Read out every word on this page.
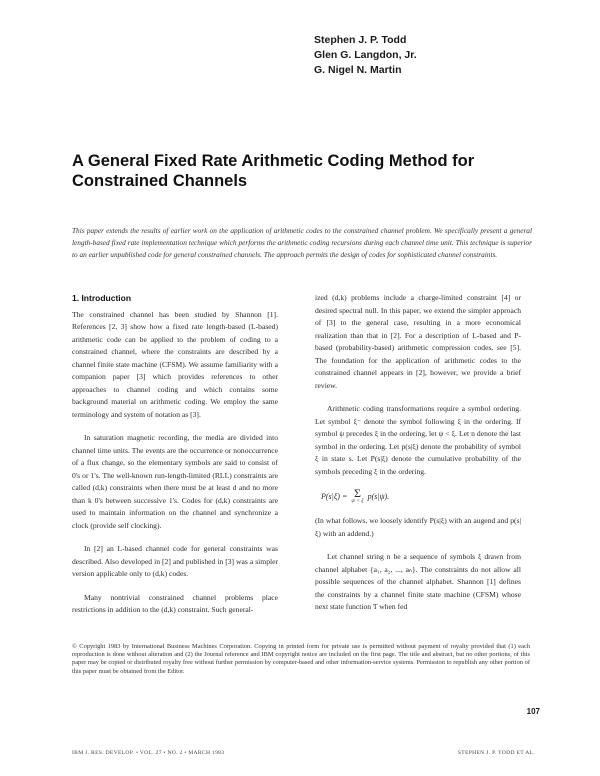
Stephen J. P. Todd
Glen G. Langdon, Jr.
G. Nigel N. Martin
A General Fixed Rate Arithmetic Coding Method for Constrained Channels
This paper extends the results of earlier work on the application of arithmetic codes to the constrained channel problem. We specifically present a general length-based fixed rate implementation technique which performs the arithmetic coding recursions during each channel time unit. This technique is superior to an earlier unpublished code for general constrained channels. The approach permits the design of codes for sophisticated channel constraints.
1. Introduction

The constrained channel has been studied by Shannon [1]. References [2, 3] show how a fixed rate length-based (L-based) arithmetic code can be applied to the problem of coding to a constrained channel, where the constraints are described by a channel finite state machine (CFSM). We assume familiarity with a companion paper [3] which provides references to other approaches to channel coding and which contains some background material on arithmetic coding. We employ the same terminology and system of notation as [3].

In saturation magnetic recording, the media are divided into channel time units. The events are the occurrence or nonoccurrence of a flux change, so the elementary symbols are said to consist of 0's or 1's. The well-known run-length-limited (RLL) constraints are called (d,k) constraints when there must be at least d and no more than k 0's between successive 1's. Codes for (d,k) constraints are used to maintain information on the channel and synchronize a clock (provide self clocking).

In [2] an L-based channel code for general constraints was described. Also developed in [2] and published in [3] was a simpler version applicable only to (d,k) codes.

Many nontrivial constrained channel problems place restrictions in addition to the (d,k) constraint. Such general-

ized (d,k) problems include a charge-limited constraint [4] or desired spectral null. In this paper, we extend the simpler approach of [3] to the general case, resulting in a more economical realization than that in [2]. For a description of L-based and P-based (probability-based) arithmetic compression codes, see [5]. The foundation for the application of arithmetic codes to the constrained channel appears in [2], however, we provide a brief review.

Arithmetic coding transformations require a symbol ordering. Let symbol ξ⁻ denote the symbol following ξ in the ordering. If symbol ψ precedes ξ in the ordering, let ψ < ξ. Let n denote the last symbol in the ordering. Let p(s|ξ) denote the probability of symbol ξ in state s. Let P(s|ξ) denote the cumulative probability of the symbols preceding ξ in the ordering.

P(s|ξ) = Σ
ψ < ξ
p(s|ψ).

(In what follows, we loosely identify P(s|ξ) with an augend and p(s|ξ) with an addend.)

Let channel string n be a sequence of symbols ξ drawn from channel alphabet {a₁, a₂, ..., aₙ}. The constraints do not allow all possible sequences of the channel alphabet. Shannon [1] defines the constraints by a channel finite state machine (CFSM) whose next state function T when fed

© Copyright 1983 by International Business Machines Corporation. Copying in printed form for private use is permitted without payment of royalty provided that (1) each reproduction is done without alteration and (2) the Journal reference and IBM copyright notice are included on the first page. The title and abstract, but no other portions, of this paper may be copied or distributed royalty free without further permission by computer-based and other information-service systems. Permission to republish any other portion of this paper must be obtained from the Editor.
107
IBM J. RES. DEVELOP. • VOL. 27 • NO. 2 • MARCH 1983	STEPHEN J. P. TODD ET AL.
